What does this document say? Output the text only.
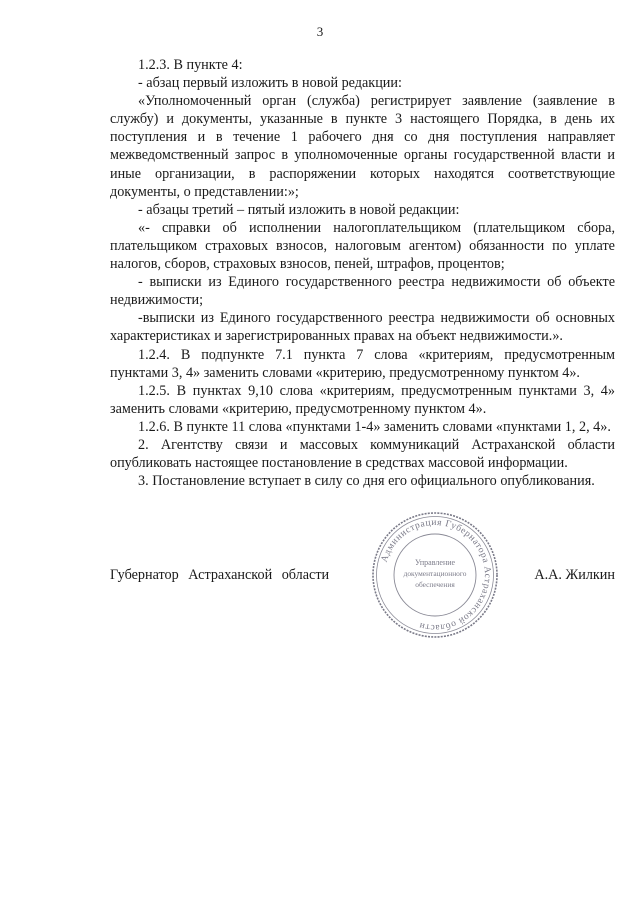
3

1.2.3. В пункте 4:

- абзац первый изложить в новой редакции:

«Уполномоченный орган (служба) регистрирует заявление (заявление в службу) и документы, указанные в пункте 3 настоящего Порядка, в день их поступления и в течение 1 рабочего дня со дня поступления направляет межведомственный запрос в уполномоченные органы государственной власти и иные организации, в распоряжении которых находятся соответствующие документы, о представлении:»;

- абзацы третий – пятый изложить в новой редакции:

«- справки об исполнении налогоплательщиком (плательщиком сбора, плательщиком страховых взносов, налоговым агентом) обязанности по уплате налогов, сборов, страховых взносов, пеней, штрафов, процентов;

- выписки из Единого государственного реестра недвижимости об объекте недвижимости;

-выписки из Единого государственного реестра недвижимости об основных характеристиках и зарегистрированных правах на объект недвижимости.».

1.2.4. В подпункте 7.1 пункта 7 слова «критериям, предусмотренным пунктами 3, 4» заменить словами «критерию, предусмотренному пунктом 4».

1.2.5. В пунктах 9,10 слова «критериям, предусмотренным пунктами 3, 4» заменить словами «критерию, предусмотренному пунктом 4».

1.2.6. В пункте 11 слова «пунктами 1-4» заменить словами «пунктами 1, 2, 4».

2. Агентству связи и массовых коммуникаций Астраханской области опубликовать настоящее постановление в средствах массовой информации.

3. Постановление вступает в силу со дня его официального опубликования.

Администрация Губернатора Астраханской области
Управление
документационного
обеспечения
Губернатор Астраханской области	А.А. Жилкин
